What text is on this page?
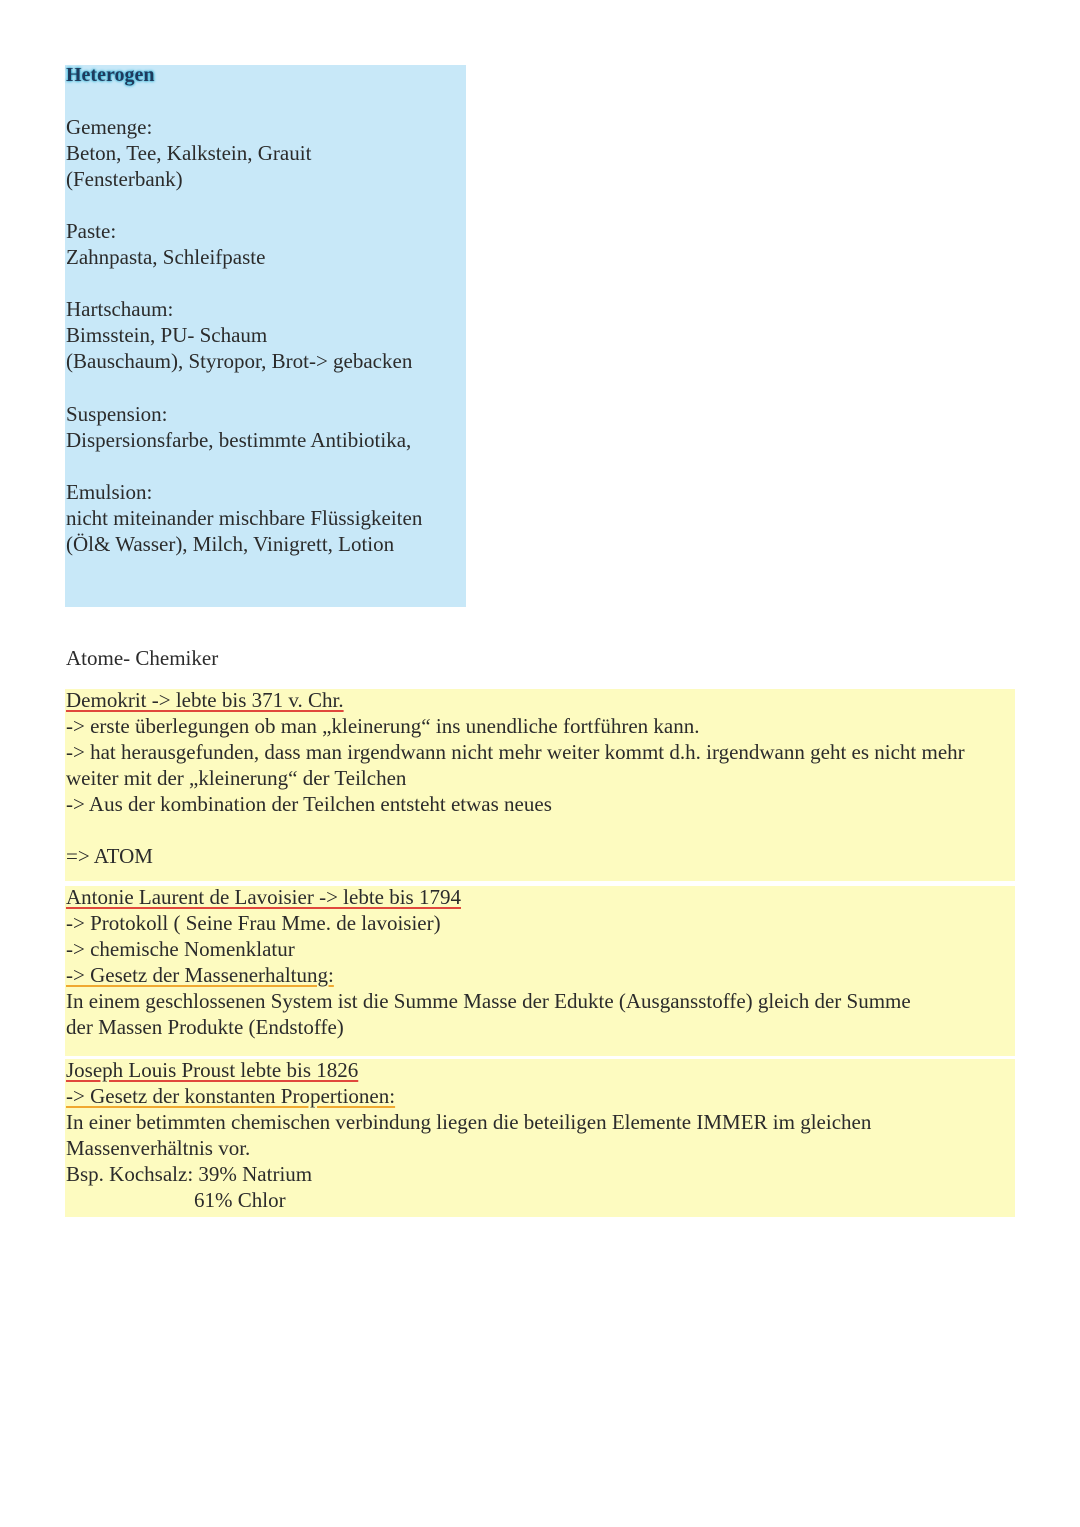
Heterogen
Gemenge:
Beton, Tee, Kalkstein, Grauit
(Fensterbank)
Paste:
Zahnpasta, Schleifpaste
Hartschaum:
Bimsstein, PU- Schaum
(Bauschaum), Styropor, Brot-> gebacken
Suspension:
Dispersionsfarbe, bestimmte Antibiotika,
Emulsion:
nicht miteinander mischbare Flüssigkeiten
(Öl& Wasser), Milch, Vinigrett, Lotion
Atome- Chemiker
Demokrit -> lebte bis 371 v. Chr.
-> erste überlegungen ob man „kleinerung“ ins unendliche fortführen kann.
-> hat herausgefunden, dass man irgendwann nicht mehr weiter kommt d.h. irgendwann geht es nicht mehr
weiter mit der „kleinerung“ der Teilchen
-> Aus der kombination der Teilchen entsteht etwas neues
=> ATOM
Antonie Laurent de Lavoisier -> lebte bis 1794
-> Protokoll ( Seine Frau Mme. de lavoisier)
-> chemische Nomenklatur
-> Gesetz der Massenerhaltung:
In einem geschlossenen System ist die Summe Masse der Edukte (Ausgansstoffe) gleich der Summe
der Massen Produkte (Endstoffe)
Joseph Louis Proust lebte bis 1826
-> Gesetz der konstanten Propertionen:
In einer betimmten chemischen verbindung liegen die beteiligen Elemente IMMER im gleichen
Massenverhältnis vor.
Bsp. Kochsalz: 39% Natrium
61% Chlor
